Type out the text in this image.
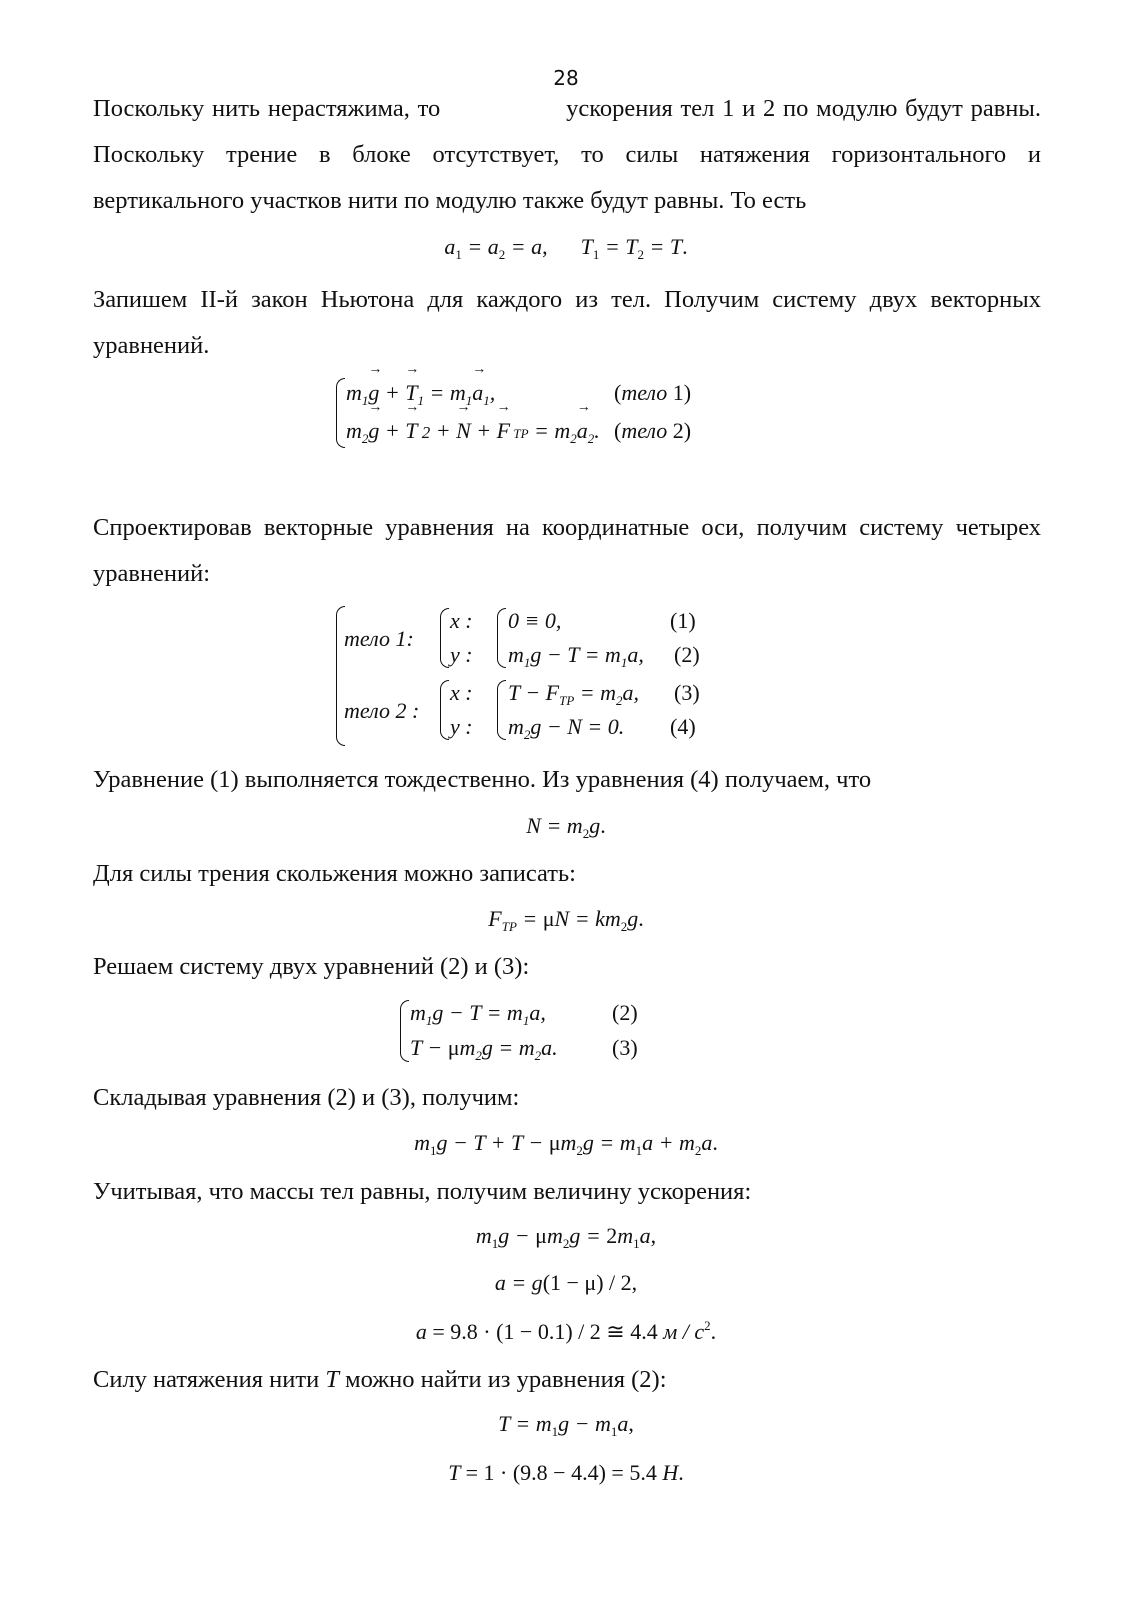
28

Поскольку нить нерастяжима, то	ускорения тел 1 и 2 по модулю будут равны. Поскольку трение в блоке отсутствует, то силы натяжения горизонтального и вертикального участков нити по модулю также будут равны. То есть

$a_1 = a_2 = a$,      $T_1 = T_2 = T$.

Запишем II-й закон Ньютона для каждого из тел. Получим систему двух векторных уравнений.

$m_1g$ → + $T \to_1 = m_1a \to_1$,	(тело 1)
$m_2g$ → + T → 2 + N → + F → ТР = $m_2a \to_2$. (тело 2)

Спроектировав векторные уравнения на координатные оси, получим систему четырех уравнений:

тело 1:
x :
y :
0 ≡ 0,
$m_1g - T = m_1a$,
(1)
(2)
тело 2 :
x :
y :
$T - F_{ТР} = m_2a$,
$m_2g - N = 0$.
(3)
(4)

Уравнение (1) выполняется тождественно. Из уравнения (4) получаем, что

$N = m_2g$.

Для силы трения скольжения можно записать:

$F_{ТР} = \mu N = km_2g$.

Решаем систему двух уравнений (2) и (3):

$m_1g - T = m_1a$,
$T - \mu m_2g = m_2a$.
(2)
(3)

Складывая уравнения (2) и (3), получим:

$m_1g - T + T - \mu m_2g = m_1a + m_2a$.

Учитывая, что массы тел равны, получим величину ускорения:

$m_1g - \mu m_2g = 2m_1a$,
a = g(1 − μ) / 2,
a = 9.8 · (1 − 0.1) / 2 ≅ 4.4 м / $с^2$.

Силу натяжения нити T можно найти из уравнения (2):

$T = m_1g - m_1a$,
T = 1 · (9.8 − 4.4) = 5.4 H.
